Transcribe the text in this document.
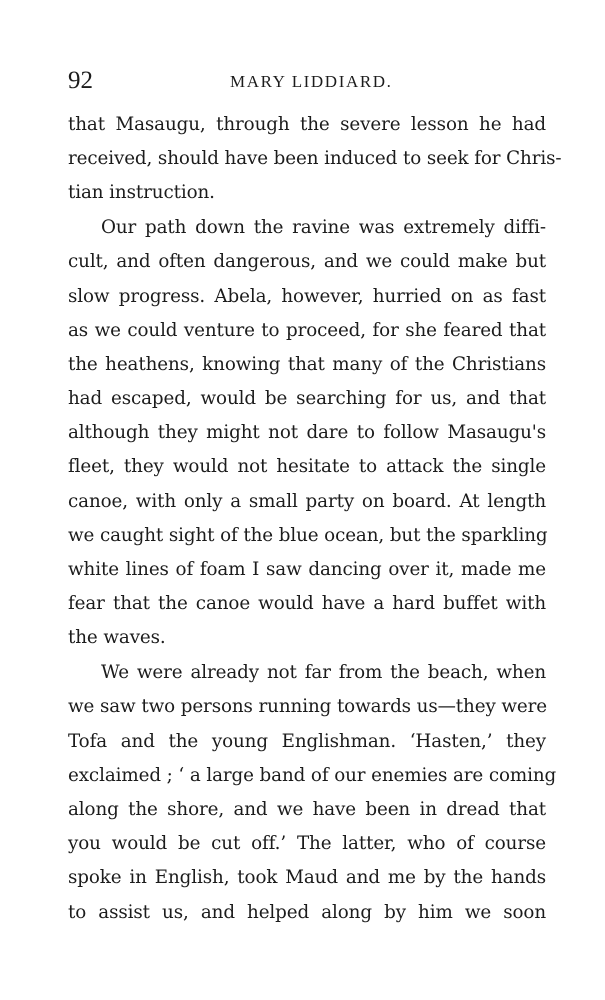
92	MARY LIDDIARD.
that Masaugu, through the severe lesson he had
received, should have been induced to seek for Chris-
tian instruction.
Our path down the ravine was extremely diffi-
cult, and often dangerous, and we could make but
slow progress. Abela, however, hurried on as fast
as we could venture to proceed, for she feared that
the heathens, knowing that many of the Christians
had escaped, would be searching for us, and that
although they might not dare to follow Masaugu's
fleet, they would not hesitate to attack the single
canoe, with only a small party on board. At length
we caught sight of the blue ocean, but the sparkling
white lines of foam I saw dancing over it, made me
fear that the canoe would have a hard buffet with
the waves.
We were already not far from the beach, when
we saw two persons running towards us—they were
Tofa and the young Englishman. ‘Hasten,’ they
exclaimed ; ‘ a large band of our enemies are coming
along the shore, and we have been in dread that
you would be cut off.’ The latter, who of course
spoke in English, took Maud and me by the hands
to assist us, and helped along by him we soon
